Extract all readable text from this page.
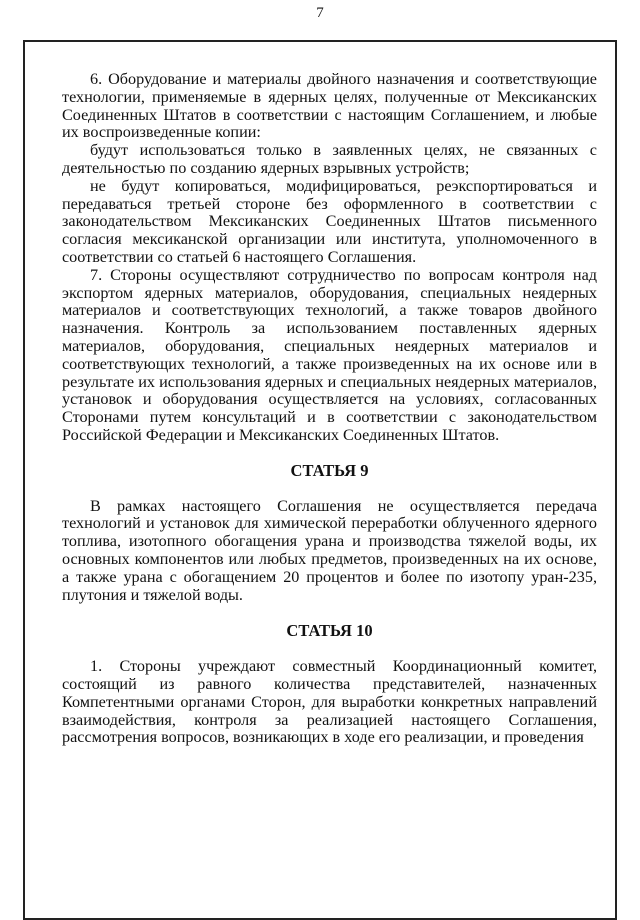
7

6. Оборудование и материалы двойного назначения и соответствующие технологии, применяемые в ядерных целях, полученные от Мексиканских Соединенных Штатов в соответствии с настоящим Соглашением, и любые их воспроизведенные копии:

будут использоваться только в заявленных целях, не связанных с деятельностью по созданию ядерных взрывных устройств;

не будут копироваться, модифицироваться, реэкспортироваться и передаваться третьей стороне без оформленного в соответствии с законодательством Мексиканских Соединенных Штатов письменного согласия мексиканской организации или института, уполномоченного в соответствии со статьей 6 настоящего Соглашения.

7. Стороны осуществляют сотрудничество по вопросам контроля над экспортом ядерных материалов, оборудования, специальных неядерных материалов и соответствующих технологий, а также товаров двойного назначения. Контроль за использованием поставленных ядерных материалов, оборудования, специальных неядерных материалов и соответствующих технологий, а также произведенных на их основе или в результате их использования ядерных и специальных неядерных материалов, установок и оборудования осуществляется на условиях, согласованных Сторонами путем консультаций и в соответствии с законодательством Российской Федерации и Мексиканских Соединенных Штатов.

СТАТЬЯ 9

В рамках настоящего Соглашения не осуществляется передача технологий и установок для химической переработки облученного ядерного топлива, изотопного обогащения урана и производства тяжелой воды, их основных компонентов или любых предметов, произведенных на их основе, а также урана с обогащением 20 процентов и более по изотопу уран-235, плутония и тяжелой воды.

СТАТЬЯ 10

1. Стороны учреждают совместный Координационный комитет, состоящий из равного количества представителей, назначенных Компетентными органами Сторон, для выработки конкретных направлений взаимодействия, контроля за реализацией настоящего Соглашения, рассмотрения вопросов, возникающих в ходе его реализации, и проведения
